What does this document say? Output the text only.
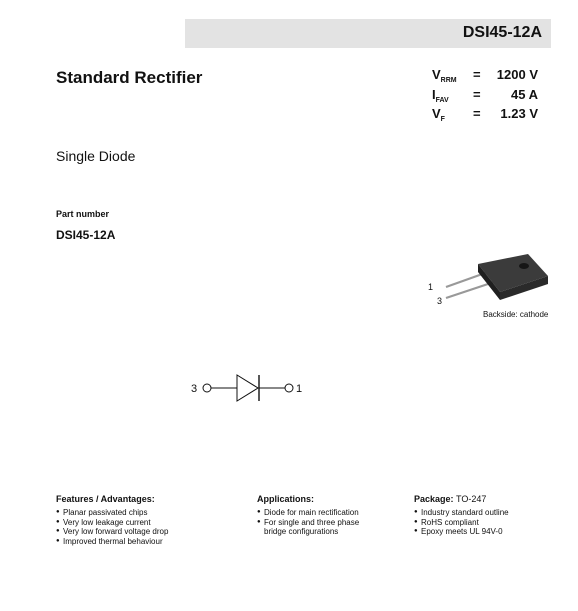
DSI45-12A
Standard Rectifier	$V_{RRM} = 1200$ V
$I_{FAV} = 45$ A
$V_F = 1.23$ V
Single Diode
Part number
DSI45-12A
1
3
Backside: cathode
3	1
Features / Advantages:
● Planar passivated chips
● Very low leakage current
● Very low forward voltage drop
● Improved thermal behaviour
Applications:
● Diode for main rectification
● For single and three phase bridge configurations
Package: TO-247
● Industry standard outline
● RoHS compliant
● Epoxy meets UL 94V-0
